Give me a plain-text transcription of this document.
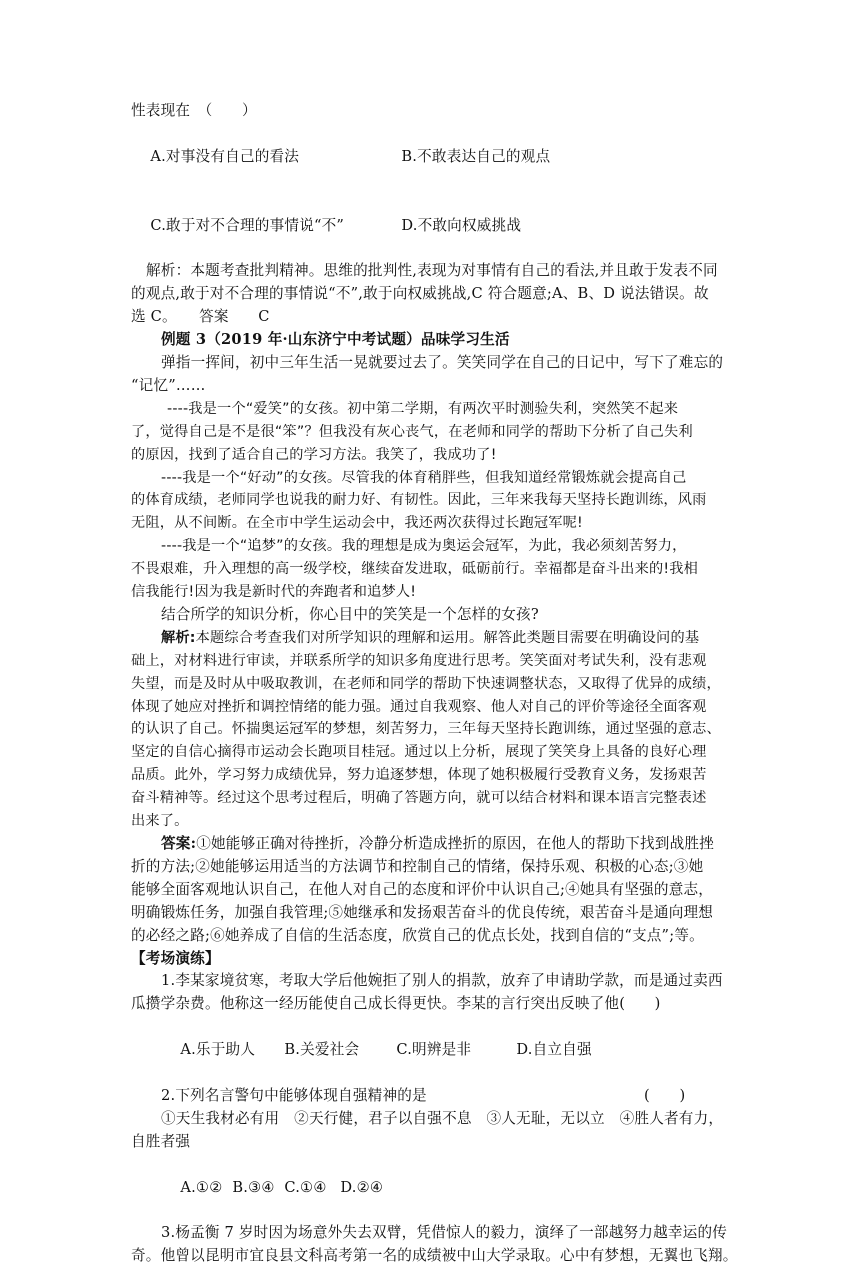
性表现在　（　　）

A.对事没有自己的看法	B.不敢表达自己的观点

C.敢于对不合理的事情说“不”	D.不敢向权威挑战

解析：本题考查批判精神。思维的批判性,表现为对事情有自己的看法,并且敢于发表不同
的观点,敢于对不合理的事情说“不”,敢于向权威挑战,C 符合题意;A、B、D 说法错误。故
选 C。　　答案　　C
例题 3（2019 年·山东济宁中考试题）品味学习生活
弹指一挥间，初中三年生活一晃就要过去了。笑笑同学在自己的日记中，写下了难忘的
“记忆”……
----我是一个“爱笑”的女孩。初中第二学期，有两次平时测验失利，突然笑不起来
了，觉得自己是不是很“笨”？但我没有灰心丧气，在老师和同学的帮助下分析了自己失利
的原因，找到了适合自己的学习方法。我笑了，我成功了!
----我是一个“好动”的女孩。尽管我的体育稍胖些，但我知道经常锻炼就会提高自己
的体育成绩，老师同学也说我的耐力好、有韧性。因此，三年来我每天坚持长跑训练，风雨
无阻，从不间断。在全市中学生运动会中，我还两次获得过长跑冠军呢!
----我是一个“追梦”的女孩。我的理想是成为奥运会冠军，为此，我必须刻苦努力，
不畏艰难，升入理想的高一级学校，继续奋发进取，砥砺前行。幸福都是奋斗出来的!我相
信我能行!因为我是新时代的奔跑者和追梦人!
结合所学的知识分析，你心目中的笑笑是一个怎样的女孩?
解析:本题综合考查我们对所学知识的理解和运用。解答此类题目需要在明确设问的基
础上，对材料进行审读，并联系所学的知识多角度进行思考。笑笑面对考试失利，没有悲观
失望，而是及时从中吸取教训，在老师和同学的帮助下快速调整状态，又取得了优异的成绩，
体现了她应对挫折和调控情绪的能力强。通过自我观察、他人对自己的评价等途径全面客观
的认识了自己。怀揣奥运冠军的梦想，刻苦努力，三年每天坚持长跑训练，通过坚强的意志、
坚定的自信心摘得市运动会长跑项目桂冠。通过以上分析，展现了笑笑身上具备的良好心理
品质。此外，学习努力成绩优异，努力追逐梦想，体现了她积极履行受教育义务，发扬艰苦
奋斗精神等。经过这个思考过程后，明确了答题方向，就可以结合材料和课本语言完整表述
出来了。
答案:①她能够正确对待挫折，冷静分析造成挫折的原因，在他人的帮助下找到战胜挫
折的方法;②她能够运用适当的方法调节和控制自己的情绪，保持乐观、积极的心态;③她
能够全面客观地认识自己，在他人对自己的态度和评价中认识自己;④她具有坚强的意志，
明确锻炼任务，加强自我管理;⑤她继承和发扬艰苦奋斗的优良传统，艰苦奋斗是通向理想
的必经之路;⑥她养成了自信的生活态度，欣赏自己的优点长处，找到自信的“支点”;等。
【考场演练】
1.李某家境贫寒，考取大学后他婉拒了别人的捐款，放弃了申请助学款，而是通过卖西
瓜攒学杂费。他称这一经历能使自己成长得更快。李某的言行突出反映了他(　　)

A.乐于助人 B.关爱社会	C.明辨是非	D.自立自强

2.下列名言警句中能够体现自强精神的是	(　　)
①天生我材必有用　②天行健，君子以自强不息　③人无耻，无以立　④胜人者有力，
自胜者强

A.①② B.③④ C.①④ D.②④

3.杨孟衡 7 岁时因为场意外失去双臂，凭借惊人的毅力，演绎了一部越努力越幸运的传
奇。他曾以昆明市宜良县文科高考第一名的成绩被中山大学录取。心中有梦想，无翼也飞翔。
